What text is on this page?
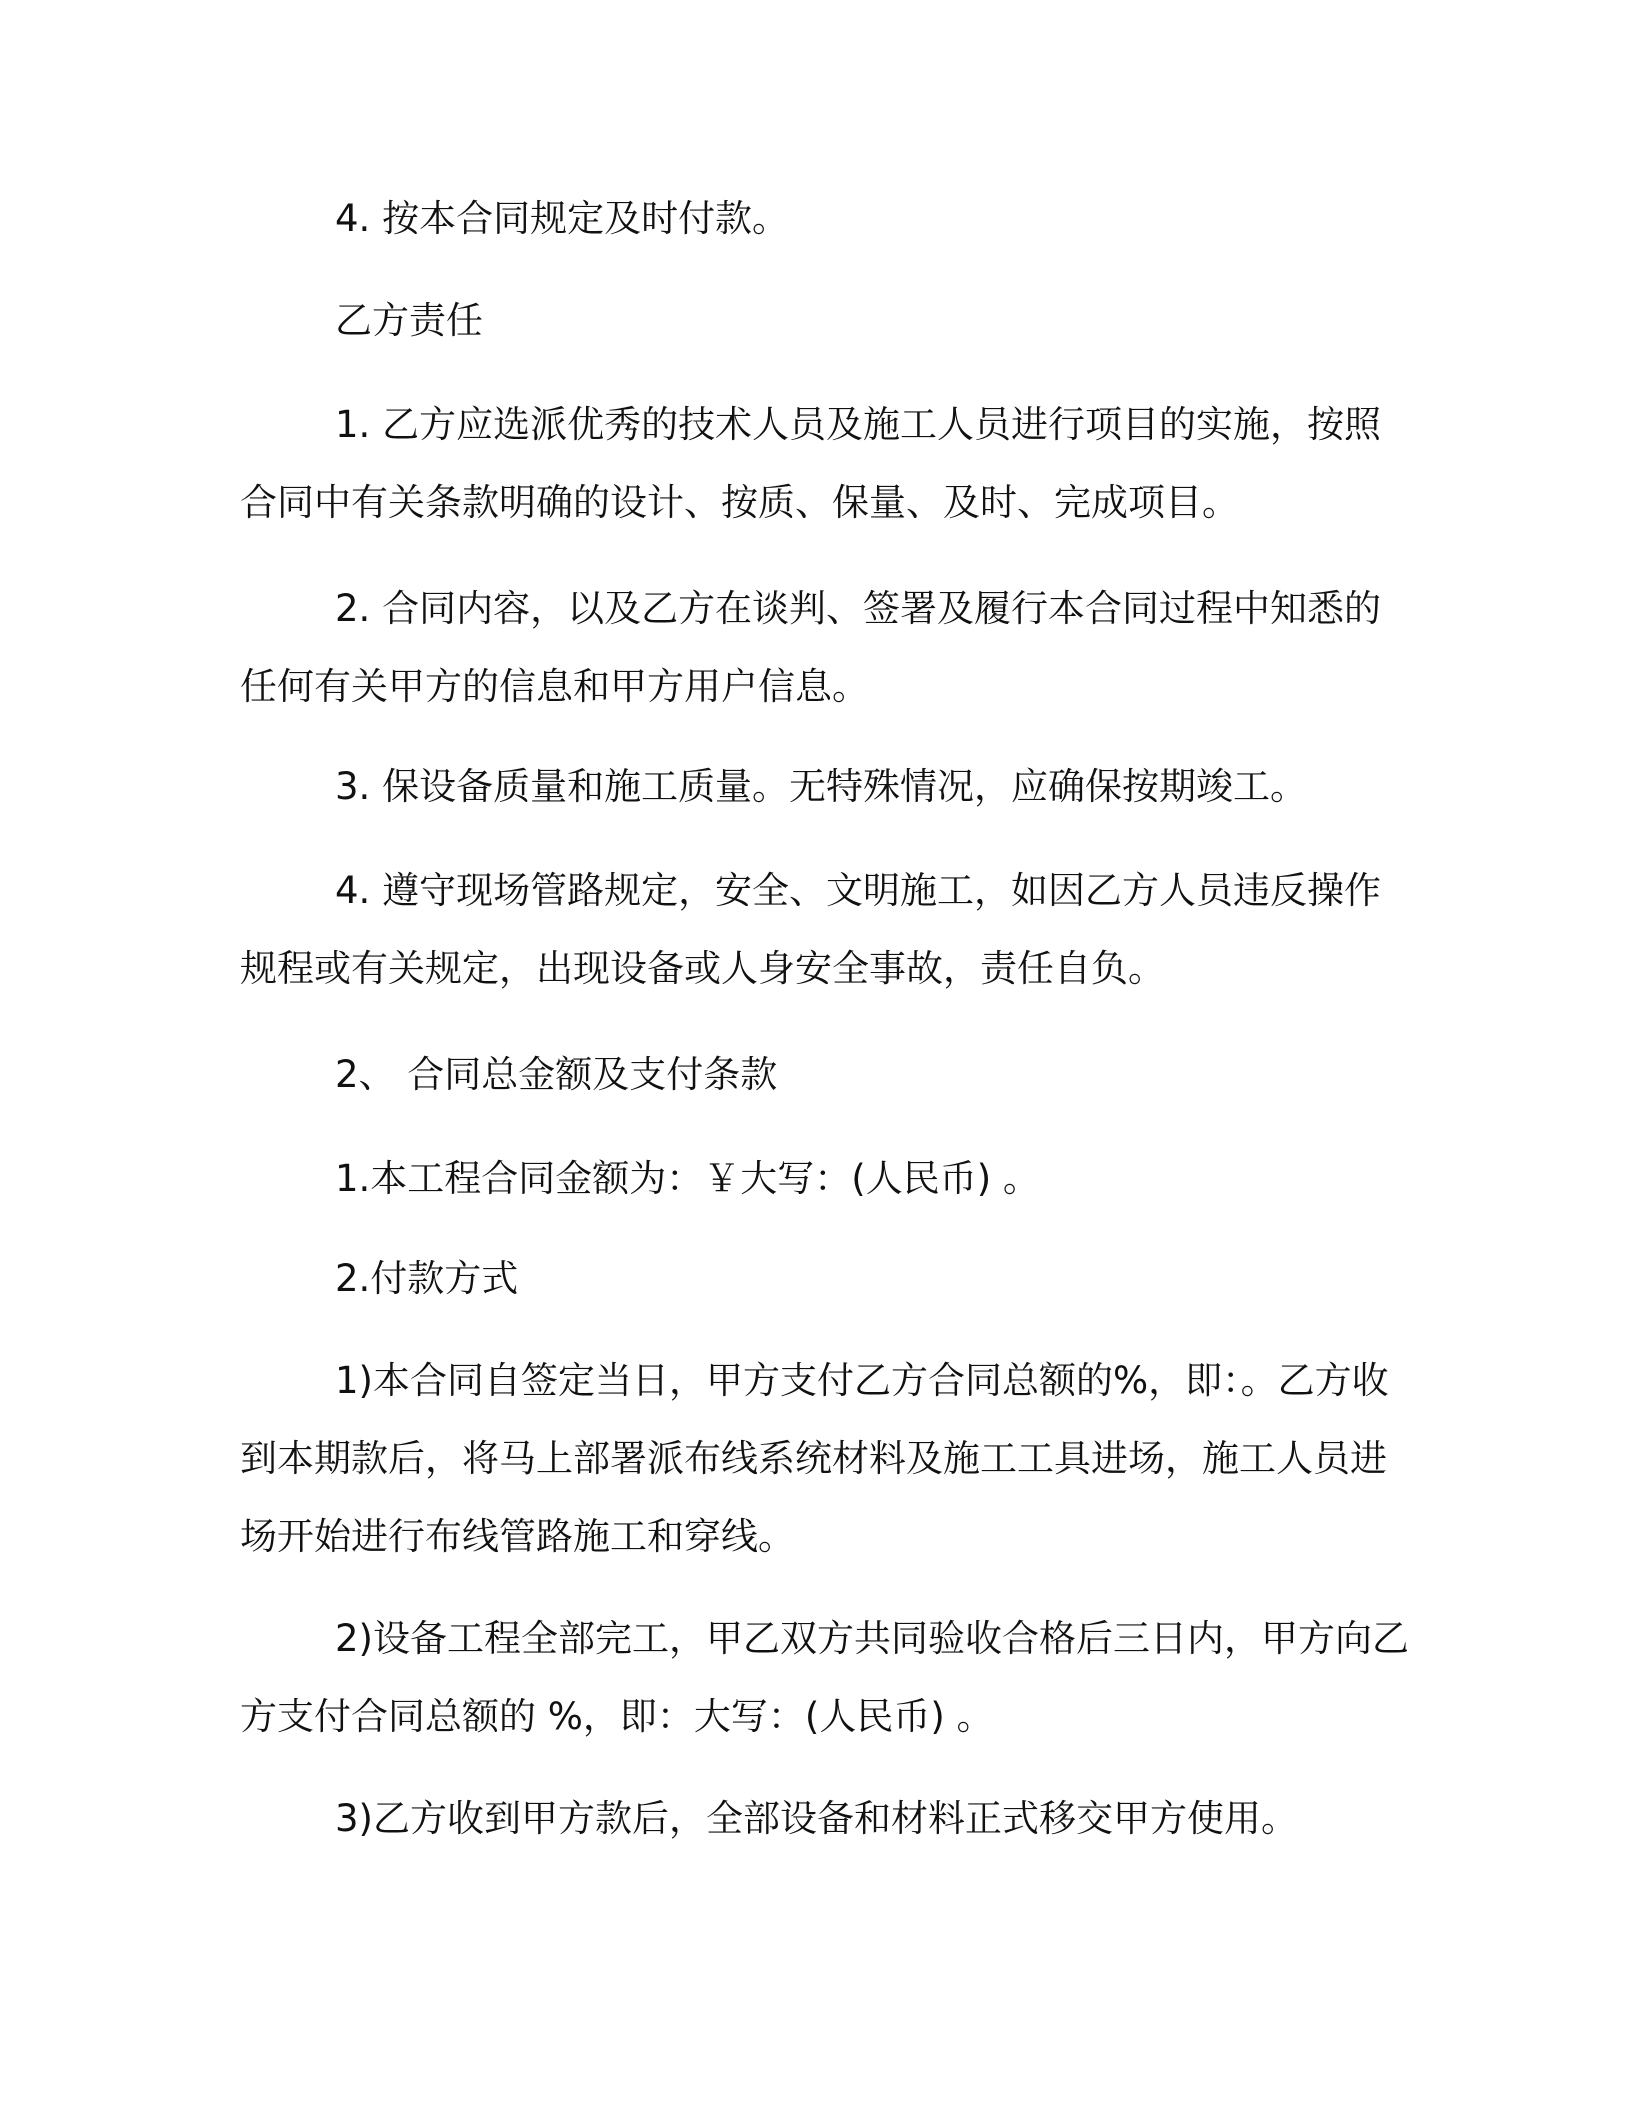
4. 按本合同规定及时付款。

乙方责任

1. 乙方应选派优秀的技术人员及施工人员进行项目的实施，按照合同中有关条款明确的设计、按质、保量、及时、完成项目。

2. 合同内容，以及乙方在谈判、签署及履行本合同过程中知悉的任何有关甲方的信息和甲方用户信息。

3. 保设备质量和施工质量。无特殊情况，应确保按期竣工。

4. 遵守现场管路规定，安全、文明施工，如因乙方人员违反操作规程或有关规定，出现设备或人身安全事故，责任自负。

2、 合同总金额及支付条款

1.本工程合同金额为：￥大写：(人民币) 。

2.付款方式

1)本合同自签定当日，甲方支付乙方合同总额的%，即：。乙方收到本期款后，将马上部署派布线系统材料及施工工具进场，施工人员进场开始进行布线管路施工和穿线。

2)设备工程全部完工，甲乙双方共同验收合格后三日内，甲方向乙方支付合同总额的 %，即：大写：(人民币) 。

3)乙方收到甲方款后，全部设备和材料正式移交甲方使用。
